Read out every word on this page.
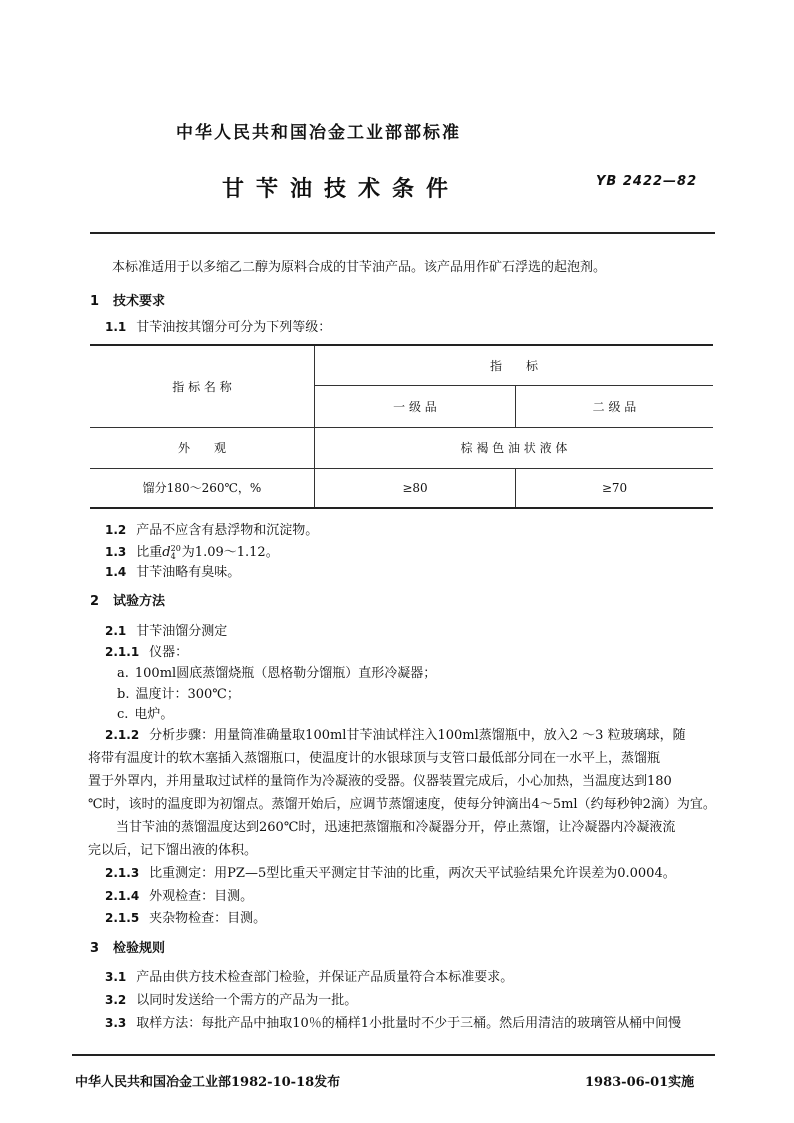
中华人民共和国冶金工业部部标准
甘苄油技术条件	YB 2422—82
本标准适用于以多缩乙二醇为原料合成的甘苄油产品。该产品用作矿石浮选的起泡剂。
1 技术要求
1.1 甘苄油按其馏分可分为下列等级：
指 标 名 称	指　　标	
	一 级 品	二 级 品
外　　观	棕 褐 色 油 状 液 体	
馏分180～260℃，%	≥80	≥70
1.2 产品不应含有悬浮物和沉淀物。
1.3 比重d 20
4 为1.09～1.12。
1.4 甘苄油略有臭味。
2 试验方法
2.1 甘苄油馏分测定
2.1.1 仪器：
a. 100ml圆底蒸馏烧瓶（恩格勒分馏瓶）直形冷凝器；
b. 温度计：300℃；
c. 电炉。
2.1.2 分析步骤：用量筒准确量取100ml甘苄油试样注入100ml蒸馏瓶中，放入2 ～3 粒玻璃球，随
将带有温度计的软木塞插入蒸馏瓶口，使温度计的水银球顶与支管口最低部分同在一水平上，蒸馏瓶
置于外罩内，并用量取过试样的量筒作为冷凝液的受器。仪器装置完成后，小心加热，当温度达到180
℃时，该时的温度即为初馏点。蒸馏开始后，应调节蒸馏速度，使每分钟滴出4～5ml（约每秒钟2滴）为宜。
当甘苄油的蒸馏温度达到260℃时，迅速把蒸馏瓶和冷凝器分开，停止蒸馏，让冷凝器内冷凝液流
完以后，记下馏出液的体积。
2.1.3 比重测定：用PZ—5型比重天平测定甘苄油的比重，两次天平试验结果允许误差为0.0004。
2.1.4 外观检查：目测。
2.1.5 夹杂物检查：目测。
3 检验规则
3.1 产品由供方技术检查部门检验，并保证产品质量符合本标准要求。
3.2 以同时发送给一个需方的产品为一批。
3.3 取样方法：每批产品中抽取10％的桶样1小批量时不少于三桶。然后用清洁的玻璃管从桶中间慢
中华人民共和国冶金工业部1982-10-18发布	1983-06-01实施
